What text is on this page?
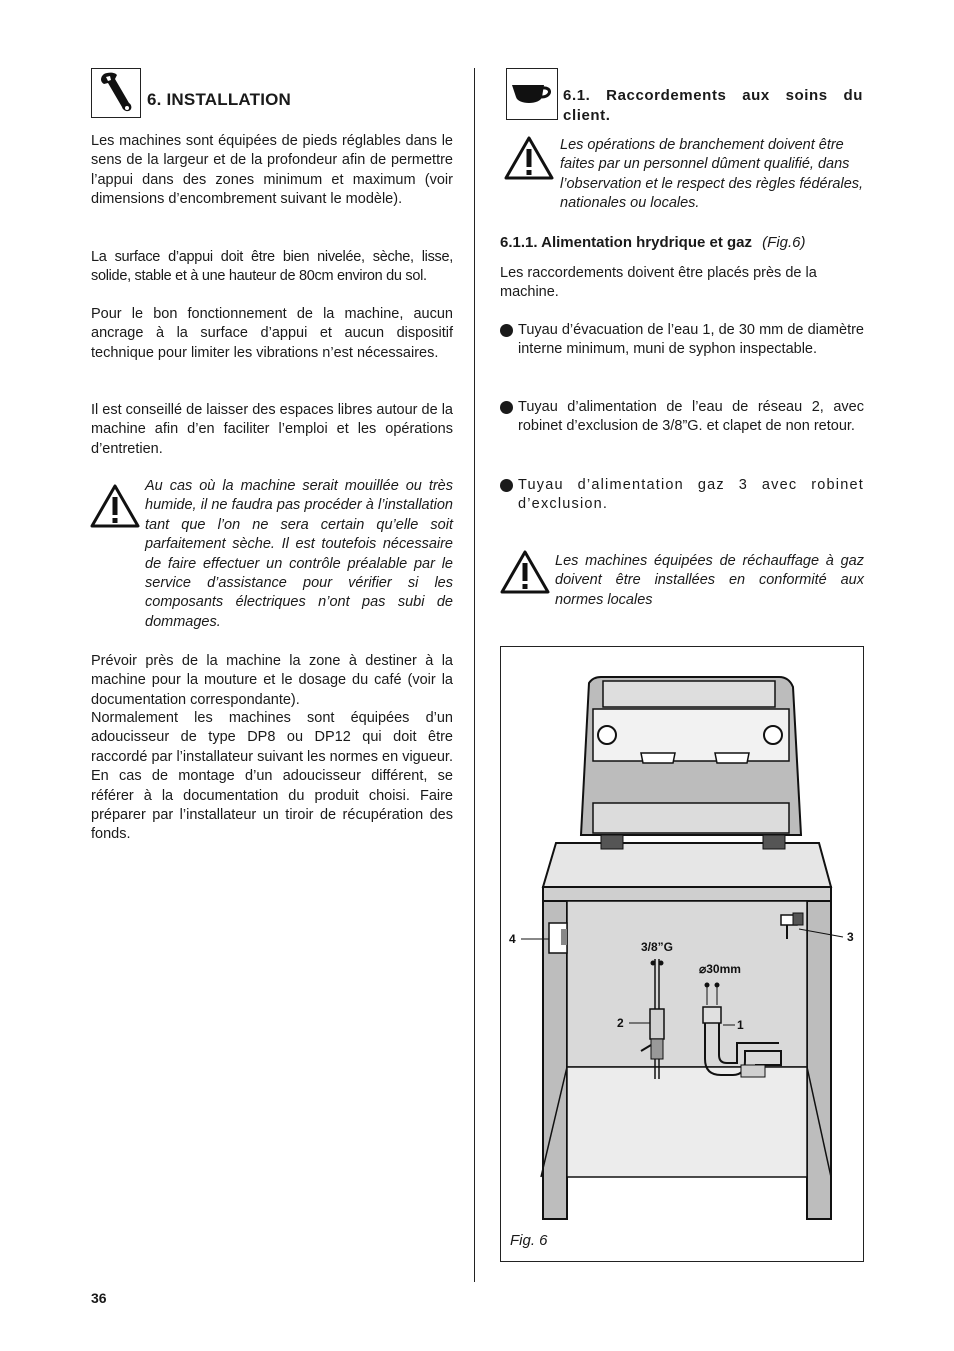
6. INSTALLATION

Les machines sont équipées de pieds réglables dans le sens de la largeur et de la profondeur afin de permettre l’appui dans des zones minimum et maximum (voir dimensions d’encombrement suivant le modèle).

La surface d’appui doit être bien nivelée, sèche, lisse, solide, stable et à une hauteur de 80cm environ du sol.

Pour le bon fonctionnement de la machine, aucun ancrage à la surface d’appui et aucun dispositif technique pour limiter les vibrations n’est nécessaires.

Il est conseillé de laisser des espaces libres autour de la machine afin d’en faciliter l’emploi et les opérations d’entretien.

Au cas où la machine serait mouillée ou très humide, il ne faudra pas procéder à l’installation tant que l’on ne sera certain qu’elle soit parfaitement sèche. Il est toutefois nécessaire de faire effectuer un contrôle préalable par le service d’assistance pour vérifier si les composants électriques n’ont pas subi de dommages.

Prévoir près de la machine la zone à destiner à la machine pour la mouture et le dosage du café (voir la documentation correspondante).

Normalement les machines sont équipées d’un adoucisseur de type DP8 ou DP12 qui doit être raccordé par l’installateur suivant les normes en vigueur. En cas de montage d’un adoucisseur différent, se référer à la documentation du produit choisi. Faire préparer par l’installateur un tiroir de récupération des fonds.

6.1. Raccordements aux soins du client.

Les opérations de branchement doivent être faites par un personnel dûment qualifié, dans l’observation et le respect des règles fédérales, nationales ou locales.

6.1.1. Alimentation hrydrique et gaz (Fig.6)

Les raccordements doivent être placés près de la machine.

Tuyau d’évacuation de l’eau 1, de 30 mm de diamètre interne minimum, muni de syphon inspectable.
Tuyau d’alimentation de l’eau de réseau 2, avec robinet d’exclusion de 3/8”G. et clapet de non retour.
Tuyau d’alimentation gaz 3 avec robinet d’exclusion.

Les machines équipées de réchauffage à gaz doivent être installées en conformité aux normes locales

4	3
3/8”G
2
⌀30mm
1
Fig. 6
36
